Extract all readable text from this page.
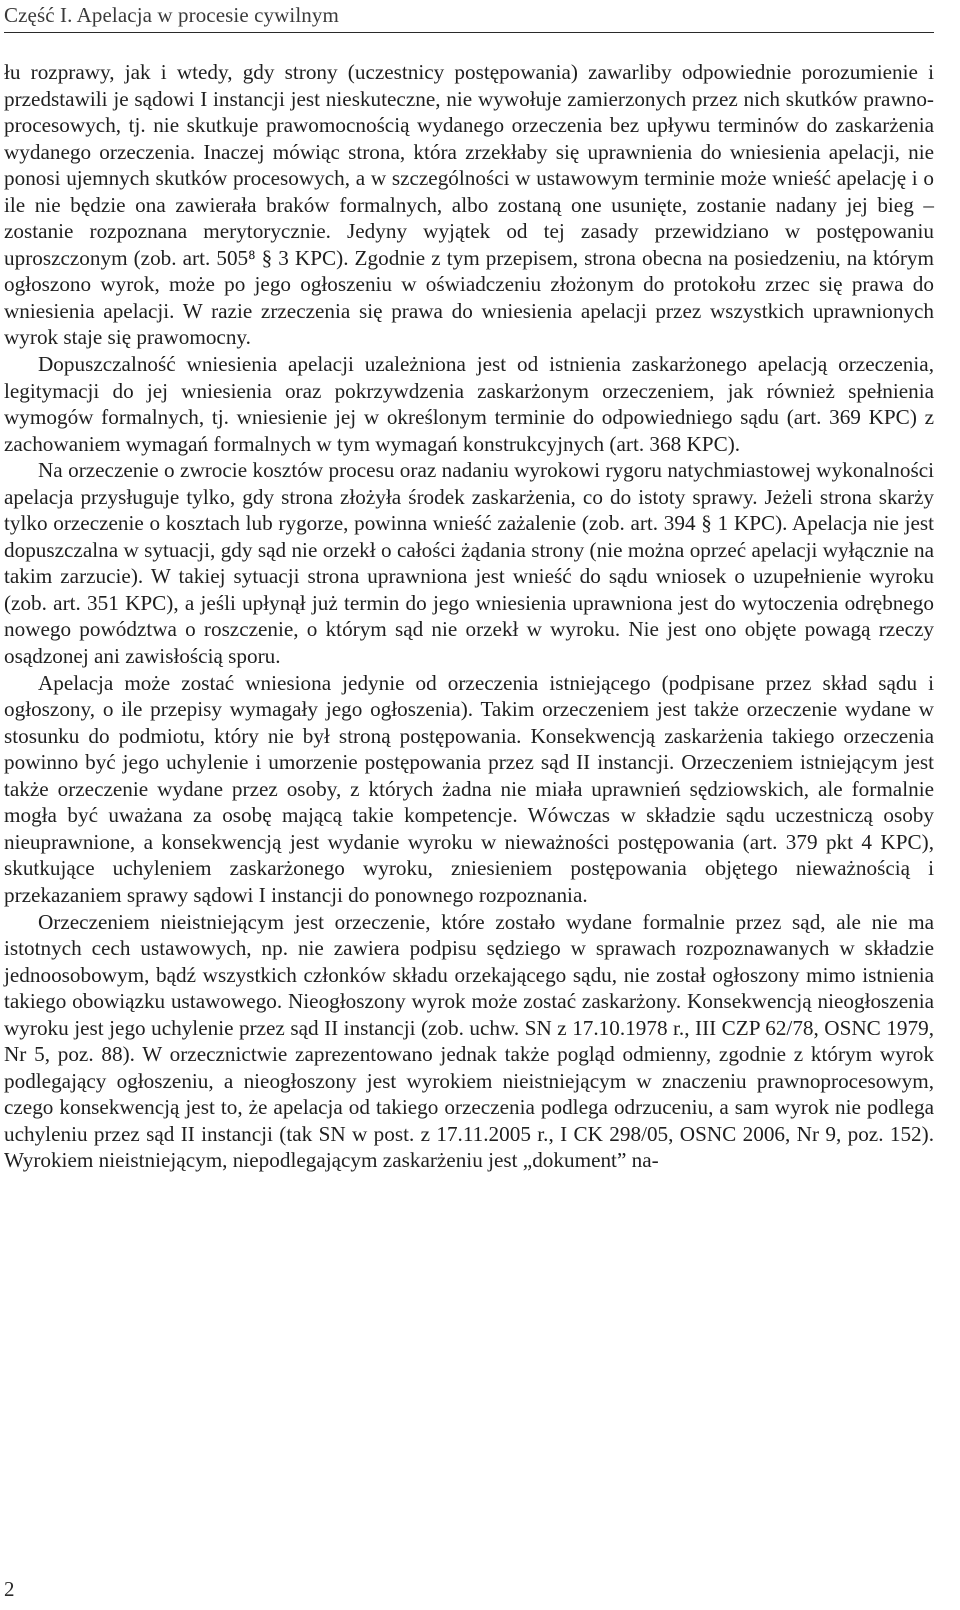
Część I. Apelacja w procesie cywilnym

łu rozprawy, jak i wtedy, gdy strony (uczestnicy postępowania) zawarliby odpowiednie porozumienie i przedstawili je sądowi I instancji jest nieskuteczne, nie wywołuje zamierzonych przez nich skutków prawno-procesowych, tj. nie skutkuje prawomocnością wydanego orzeczenia bez upływu terminów do zaskarżenia wydanego orzeczenia. Inaczej mówiąc strona, która zrzekłaby się uprawnienia do wniesienia apelacji, nie ponosi ujemnych skutków procesowych, a w szczególności w ustawowym terminie może wnieść apelację i o ile nie będzie ona zawierała braków formalnych, albo zostaną one usunięte, zostanie nadany jej bieg – zostanie rozpoznana merytorycznie. Jedyny wyjątek od tej zasady przewidziano w postępowaniu uproszczonym (zob. art. 505⁸ § 3 KPC). Zgodnie z tym przepisem, strona obecna na posiedzeniu, na którym ogłoszono wyrok, może po jego ogłoszeniu w oświadczeniu złożonym do protokołu zrzec się prawa do wniesienia apelacji. W razie zrzeczenia się prawa do wniesienia apelacji przez wszystkich uprawnionych wyrok staje się prawomocny.

Dopuszczalność wniesienia apelacji uzależniona jest od istnienia zaskarżonego apelacją orzeczenia, legitymacji do jej wniesienia oraz pokrzywdzenia zaskarżonym orzeczeniem, jak również spełnienia wymogów formalnych, tj. wniesienie jej w określonym terminie do odpowiedniego sądu (art. 369 KPC) z zachowaniem wymagań formalnych w tym wymagań konstrukcyjnych (art. 368 KPC).

Na orzeczenie o zwrocie kosztów procesu oraz nadaniu wyrokowi rygoru natychmiastowej wykonalności apelacja przysługuje tylko, gdy strona złożyła środek zaskarżenia, co do istoty sprawy. Jeżeli strona skarży tylko orzeczenie o kosztach lub rygorze, powinna wnieść zażalenie (zob. art. 394 § 1 KPC). Apelacja nie jest dopuszczalna w sytuacji, gdy sąd nie orzekł o całości żądania strony (nie można oprzeć apelacji wyłącznie na takim zarzucie). W takiej sytuacji strona uprawniona jest wnieść do sądu wniosek o uzupełnienie wyroku (zob. art. 351 KPC), a jeśli upłynął już termin do jego wniesienia uprawniona jest do wytoczenia odrębnego nowego powództwa o roszczenie, o którym sąd nie orzekł w wyroku. Nie jest ono objęte powagą rzeczy osądzonej ani zawisłością sporu.

Apelacja może zostać wniesiona jedynie od orzeczenia istniejącego (podpisane przez skład sądu i ogłoszony, o ile przepisy wymagały jego ogłoszenia). Takim orzeczeniem jest także orzeczenie wydane w stosunku do podmiotu, który nie był stroną postępowania. Konsekwencją zaskarżenia takiego orzeczenia powinno być jego uchylenie i umorzenie postępowania przez sąd II instancji. Orzeczeniem istniejącym jest także orzeczenie wydane przez osoby, z których żadna nie miała uprawnień sędziowskich, ale formalnie mogła być uważana za osobę mającą takie kompetencje. Wówczas w składzie sądu uczestniczą osoby nieuprawnione, a konsekwencją jest wydanie wyroku w nieważności postępowania (art. 379 pkt 4 KPC), skutkujące uchyleniem zaskarżonego wyroku, zniesieniem postępowania objętego nieważnością i przekazaniem sprawy sądowi I instancji do ponownego rozpoznania.

Orzeczeniem nieistniejącym jest orzeczenie, które zostało wydane formalnie przez sąd, ale nie ma istotnych cech ustawowych, np. nie zawiera podpisu sędziego w sprawach rozpoznawanych w składzie jednoosobowym, bądź wszystkich członków składu orzekającego sądu, nie został ogłoszony mimo istnienia takiego obowiązku ustawowego. Nieogłoszony wyrok może zostać zaskarżony. Konsekwencją nieogłoszenia wyroku jest jego uchylenie przez sąd II instancji (zob. uchw. SN z 17.10.1978 r., III CZP 62/78, OSNC 1979, Nr 5, poz. 88). W orzecznictwie zaprezentowano jednak także pogląd odmienny, zgodnie z którym wyrok podlegający ogłoszeniu, a nieogłoszony jest wyrokiem nieistniejącym w znaczeniu prawnoprocesowym, czego konsekwencją jest to, że apelacja od takiego orzeczenia podlega odrzuceniu, a sam wyrok nie podlega uchyleniu przez sąd II instancji (tak SN w post. z 17.11.2005 r., I CK 298/05, OSNC 2006, Nr 9, poz. 152). Wyrokiem nieistniejącym, niepodlegającym zaskarżeniu jest „dokument” na-

2
